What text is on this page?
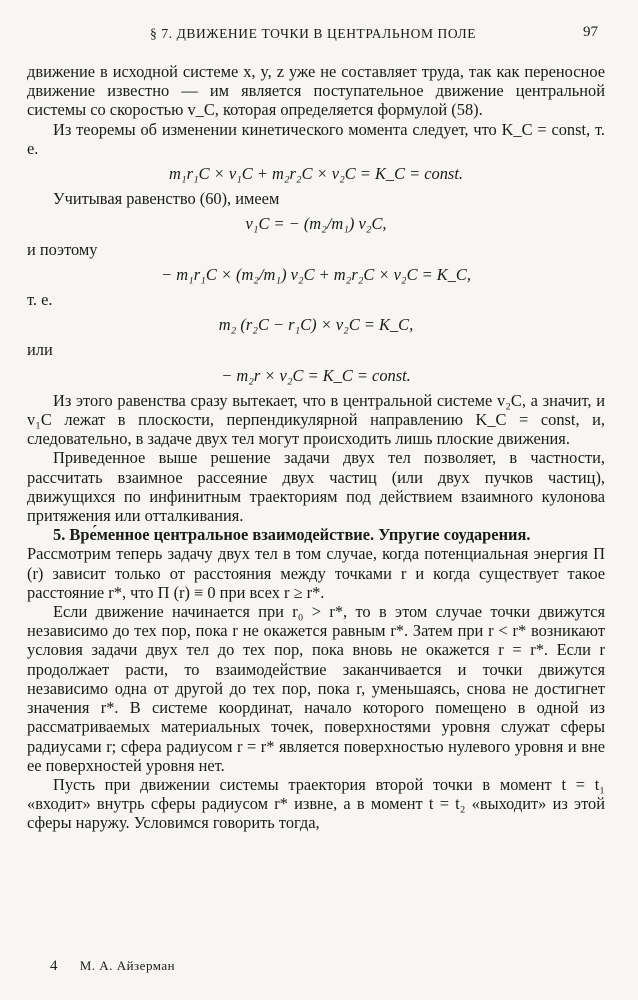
§ 7. ДВИЖЕНИЕ ТОЧКИ В ЦЕНТРАЛЬНОМ ПОЛЕ	97

движение в исходной системе x, y, z уже не составляет труда, так как переносное движение известно — им является поступательное движение центральной системы со скоростью v_C, которая определяется формулой (58).

Из теоремы об изменении кинетического момента следует, что K_C = const, т. е.

m₁r₁C × v₁C + m₂r₂C × v₂C = K_C = const.

Учитывая равенство (60), имеем

v₁C = − (m₂/m₁) v₂C,

и поэтому

− m₁r₁C × (m₂/m₁) v₂C + m₂r₂C × v₂C = K_C,

т. е.

m₂ (r₂C − r₁C) × v₂C = K_C,

или

− m₂r × v₂C = K_C = const.

Из этого равенства сразу вытекает, что в центральной системе v₂C, а значит, и v₁C лежат в плоскости, перпендикулярной направлению K_C = const, и, следовательно, в задаче двух тел могут происходить лишь плоские движения.

Приведенное выше решение задачи двух тел позволяет, в частности, рассчитать взаимное рассеяние двух частиц (или двух пучков частиц), движущихся по инфинитным траекториям под действием взаимного кулонова притяжения или отталкивания.

5. Вре́менное центральное взаимодействие. Упругие соударения.

Рассмотрим теперь задачу двух тел в том случае, когда потенциальная энергия Π (r) зависит только от расстояния между точками r и когда существует такое расстояние r*, что Π (r) ≡ 0 при всех r ≥ r*.

Если движение начинается при r₀ > r*, то в этом случае точки движутся независимо до тех пор, пока r не окажется равным r*. Затем при r < r* возникают условия задачи двух тел до тех пор, пока вновь не окажется r = r*. Если r продолжает расти, то взаимодействие заканчивается и точки движутся независимо одна от другой до тех пор, пока r, уменьшаясь, снова не достигнет значения r*. В системе координат, начало которого помещено в одной из рассматриваемых материальных точек, поверхностями уровня служат сферы радиусами r; сфера радиусом r = r* является поверхностью нулевого уровня и вне ее поверхностей уровня нет.

Пусть при движении системы траектория второй точки в момент t = t₁ «входит» внутрь сферы радиусом r* извне, а в момент t = t₂ «выходит» из этой сферы наружу. Условимся говорить тогда,

4 М. А. Айзерман
